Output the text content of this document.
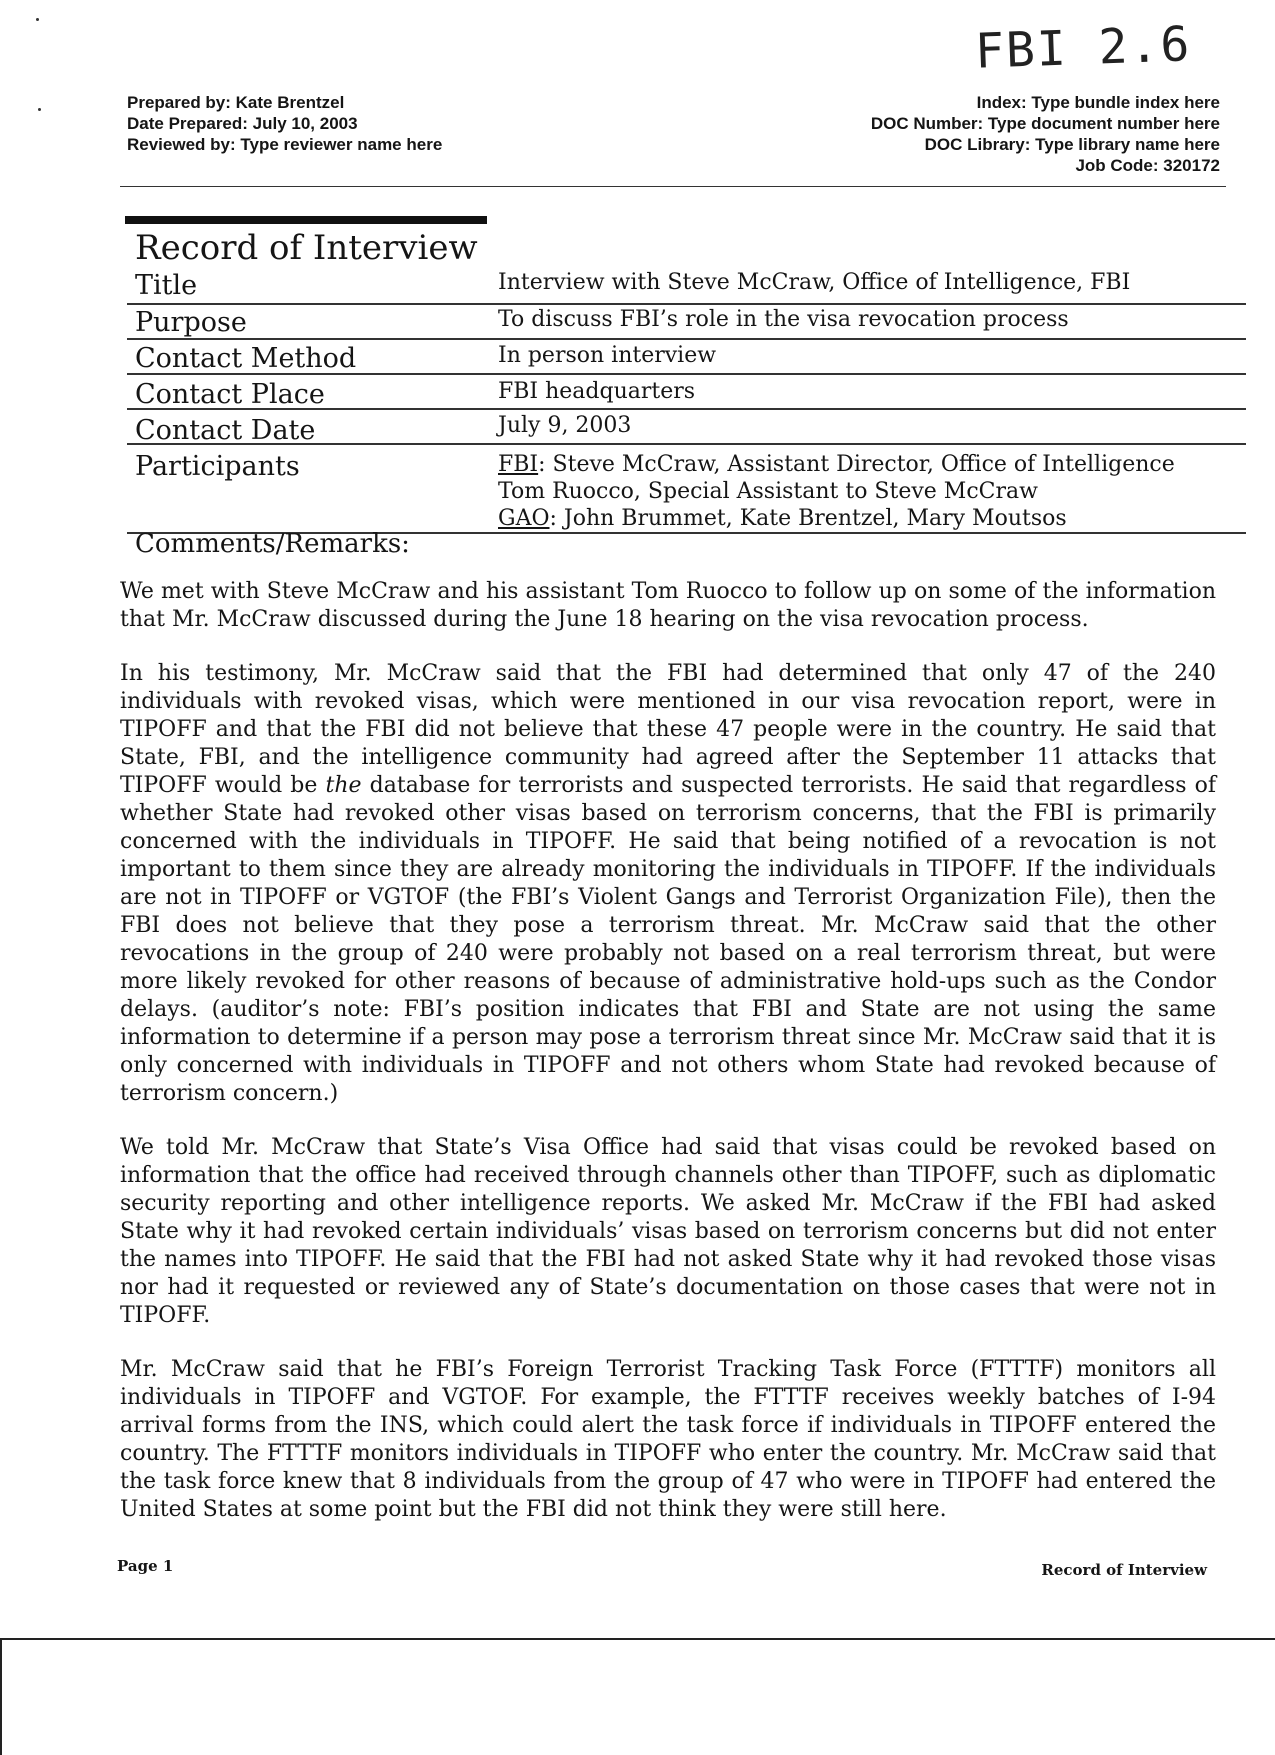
FBI 2.6
Prepared by: Kate Brentzel
Date Prepared: July 10, 2003
Reviewed by: Type reviewer name here
Index: Type bundle index here
DOC Number: Type document number here
DOC Library: Type library name here
Job Code: 320172
Record of Interview
Title	Interview with Steve McCraw, Office of Intelligence, FBI
Purpose	To discuss FBI’s role in the visa revocation process
Contact Method	In person interview
Contact Place	FBI headquarters
Contact Date	July 9, 2003
Participants	FBI: Steve McCraw, Assistant Director, Office of Intelligence
Tom Ruocco, Special Assistant to Steve McCraw
GAO: John Brummet, Kate Brentzel, Mary Moutsos
Comments/Remarks:

We met with Steve McCraw and his assistant Tom Ruocco to follow up on some of the information that Mr. McCraw discussed during the June 18 hearing on the visa revocation process.

In his testimony, Mr. McCraw said that the FBI had determined that only 47 of the 240 individuals with revoked visas, which were mentioned in our visa revocation report, were in TIPOFF and that the FBI did not believe that these 47 people were in the country. He said that State, FBI, and the intelligence community had agreed after the September 11 attacks that TIPOFF would be the database for terrorists and suspected terrorists. He said that regardless of whether State had revoked other visas based on terrorism concerns, that the FBI is primarily concerned with the individuals in TIPOFF. He said that being notified of a revocation is not important to them since they are already monitoring the individuals in TIPOFF. If the individuals are not in TIPOFF or VGTOF (the FBI’s Violent Gangs and Terrorist Organization File), then the FBI does not believe that they pose a terrorism threat. Mr. McCraw said that the other revocations in the group of 240 were probably not based on a real terrorism threat, but were more likely revoked for other reasons of because of administrative hold-ups such as the Condor delays. (auditor’s note: FBI’s position indicates that FBI and State are not using the same information to determine if a person may pose a terrorism threat since Mr. McCraw said that it is only concerned with individuals in TIPOFF and not others whom State had revoked because of terrorism concern.)

We told Mr. McCraw that State’s Visa Office had said that visas could be revoked based on information that the office had received through channels other than TIPOFF, such as diplomatic security reporting and other intelligence reports. We asked Mr. McCraw if the FBI had asked State why it had revoked certain individuals’ visas based on terrorism concerns but did not enter the names into TIPOFF. He said that the FBI had not asked State why it had revoked those visas nor had it requested or reviewed any of State’s documentation on those cases that were not in TIPOFF.

Mr. McCraw said that he FBI’s Foreign Terrorist Tracking Task Force (FTTTF) monitors all individuals in TIPOFF and VGTOF. For example, the FTTTF receives weekly batches of I-94 arrival forms from the INS, which could alert the task force if individuals in TIPOFF entered the country. The FTTTF monitors individuals in TIPOFF who enter the country. Mr. McCraw said that the task force knew that 8 individuals from the group of 47 who were in TIPOFF had entered the United States at some point but the FBI did not think they were still here.

Page 1	Record of Interview
